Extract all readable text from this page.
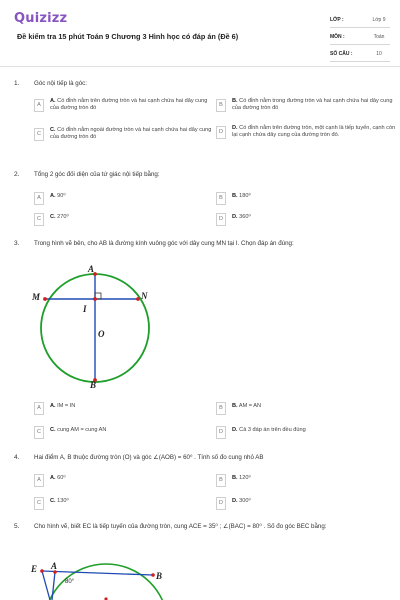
Quizizz
Đề kiểm tra 15 phút Toán 9 Chương 3 Hình học có đáp án (Đề 6)
LỚP :	Lớp 9
MÔN :	Toán
SỐ CÂU :	10
1. Góc nội tiếp là góc:
A
A. Có đỉnh nằm trên đường tròn và hai cạnh chứa hai dây cung của đường tròn đó
B
B. Có đỉnh nằm trong đường tròn và hai cạnh chứa hai dây cung của đường tròn đó
C
C. Có đỉnh nằm ngoài đường tròn và hai cạnh chứa hai dây cung của đường tròn đó
D
D. Có đỉnh nằm trên đường tròn, một cạnh là tiếp tuyến, cạnh còn lại cạnh chứa dây cung của đường tròn đó.
2. Tổng 2 góc đối diện của tứ giác nội tiếp bằng:
A	A. 90⁰	B	B. 180⁰
C	C. 270⁰	D	D. 360⁰
3. Trong hình vẽ bên, cho AB là đường kính vuông góc với dây cung MN tại I. Chọn đáp án đúng:
A
M	N
I
O
B
A	A. IM = IN	B	B. AM = AN
C	C. cung AM = cung AN	D	D. Cả 3 đáp án trên đều đúng
4. Hai điểm A, B thuộc đường tròn (O) và góc ∠(AOB) = 60⁰ . Tính số đo cung nhỏ AB
A	A. 60⁰	B	B. 120⁰
C	C. 130⁰	D	D. 300⁰
5. Cho hình vẽ, biết EC là tiếp tuyến của đường tròn, cung ACE = 35⁰ ; ∠(BAC) = 80⁰ . Số đo góc BEC bằng:
E A
B
80°
